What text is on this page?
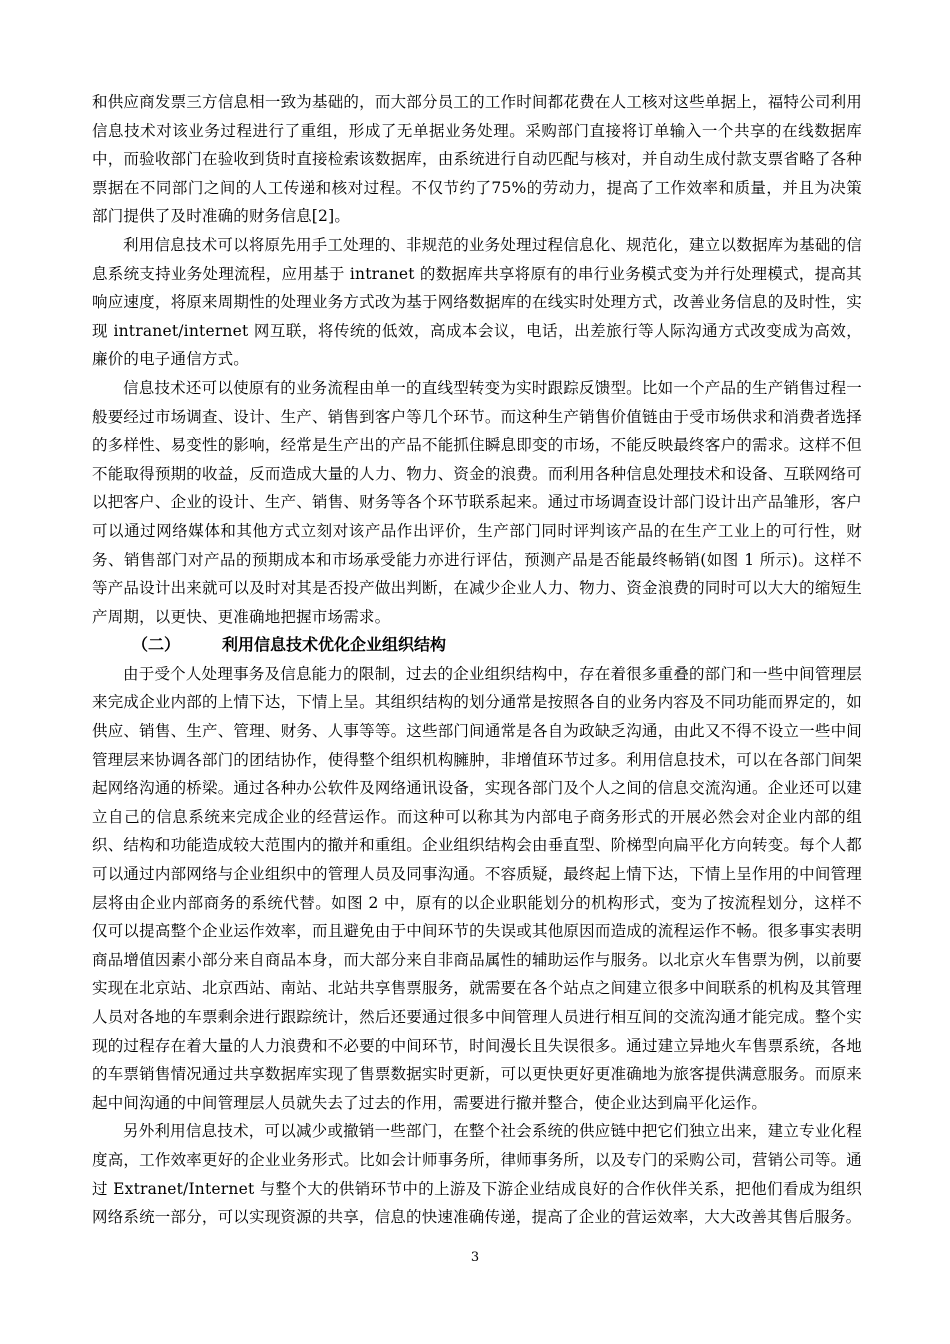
和供应商发票三方信息相一致为基础的，而大部分员工的工作时间都花费在人工核对这些单据上，福特公司利用信息技术对该业务过程进行了重组，形成了无单据业务处理。采购部门直接将订单输入一个共享的在线数据库中，而验收部门在验收到货时直接检索该数据库，由系统进行自动匹配与核对，并自动生成付款支票省略了各种票据在不同部门之间的人工传递和核对过程。不仅节约了75%的劳动力，提高了工作效率和质量，并且为决策部门提供了及时准确的财务信息[2]。

利用信息技术可以将原先用手工处理的、非规范的业务处理过程信息化、规范化，建立以数据库为基础的信息系统支持业务处理流程，应用基于 intranet 的数据库共享将原有的串行业务模式变为并行处理模式，提高其响应速度，将原来周期性的处理业务方式改为基于网络数据库的在线实时处理方式，改善业务信息的及时性，实现 intranet/internet 网互联，将传统的低效，高成本会议，电话，出差旅行等人际沟通方式改变成为高效，廉价的电子通信方式。

信息技术还可以使原有的业务流程由单一的直线型转变为实时跟踪反馈型。比如一个产品的生产销售过程一般要经过市场调查、设计、生产、销售到客户等几个环节。而这种生产销售价值链由于受市场供求和消费者选择的多样性、易变性的影响，经常是生产出的产品不能抓住瞬息即变的市场，不能反映最终客户的需求。这样不但不能取得预期的收益，反而造成大量的人力、物力、资金的浪费。而利用各种信息处理技术和设备、互联网络可以把客户、企业的设计、生产、销售、财务等各个环节联系起来。通过市场调查设计部门设计出产品雏形，客户可以通过网络媒体和其他方式立刻对该产品作出评价，生产部门同时评判该产品的在生产工业上的可行性，财务、销售部门对产品的预期成本和市场承受能力亦进行评估，预测产品是否能最终畅销(如图 1 所示)。这样不等产品设计出来就可以及时对其是否投产做出判断，在减少企业人力、物力、资金浪费的同时可以大大的缩短生产周期，以更快、更准确地把握市场需求。

（二）	利用信息技术优化企业组织结构

由于受个人处理事务及信息能力的限制，过去的企业组织结构中，存在着很多重叠的部门和一些中间管理层来完成企业内部的上情下达，下情上呈。其组织结构的划分通常是按照各自的业务内容及不同功能而界定的，如供应、销售、生产、管理、财务、人事等等。这些部门间通常是各自为政缺乏沟通，由此又不得不设立一些中间管理层来协调各部门的团结协作，使得整个组织机构臃肿，非增值环节过多。利用信息技术，可以在各部门间架起网络沟通的桥梁。通过各种办公软件及网络通讯设备，实现各部门及个人之间的信息交流沟通。企业还可以建立自己的信息系统来完成企业的经营运作。而这种可以称其为内部电子商务形式的开展必然会对企业内部的组织、结构和功能造成较大范围内的撤并和重组。企业组织结构会由垂直型、阶梯型向扁平化方向转变。每个人都可以通过内部网络与企业组织中的管理人员及同事沟通。不容质疑，最终起上情下达，下情上呈作用的中间管理层将由企业内部商务的系统代替。如图 2 中，原有的以企业职能划分的机构形式，变为了按流程划分，这样不仅可以提高整个企业运作效率，而且避免由于中间环节的失误或其他原因而造成的流程运作不畅。很多事实表明商品增值因素小部分来自商品本身，而大部分来自非商品属性的辅助运作与服务。以北京火车售票为例，以前要实现在北京站、北京西站、南站、北站共享售票服务，就需要在各个站点之间建立很多中间联系的机构及其管理人员对各地的车票剩余进行跟踪统计，然后还要通过很多中间管理人员进行相互间的交流沟通才能完成。整个实现的过程存在着大量的人力浪费和不必要的中间环节，时间漫长且失误很多。通过建立异地火车售票系统，各地的车票销售情况通过共享数据库实现了售票数据实时更新，可以更快更好更准确地为旅客提供满意服务。而原来起中间沟通的中间管理层人员就失去了过去的作用，需要进行撤并整合，使企业达到扁平化运作。

另外利用信息技术，可以减少或撤销一些部门，在整个社会系统的供应链中把它们独立出来，建立专业化程度高，工作效率更好的企业业务形式。比如会计师事务所，律师事务所，以及专门的采购公司，营销公司等。通过 Extranet/Internet 与整个大的供销环节中的上游及下游企业结成良好的合作伙伴关系，把他们看成为组织网络系统一部分，可以实现资源的共享，信息的快速准确传递，提高了企业的营运效率，大大改善其售后服务。

3
